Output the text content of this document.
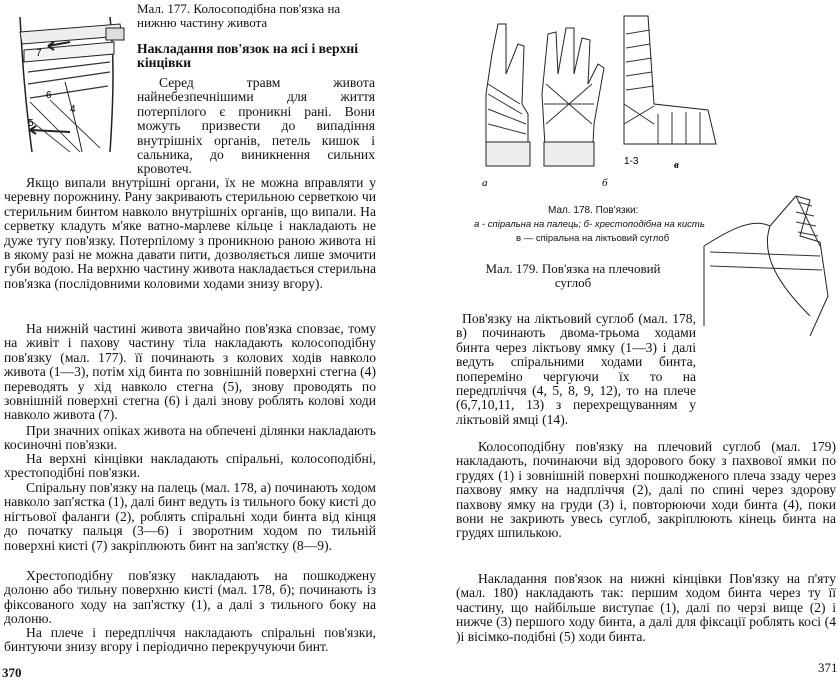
7
6
4
5
Мал. 177. Колосоподібна пов'язка на нижню частину живота
Накладання пов'язок на ясі і верхні кінцівки
Серед травм живота найнебезпечнішими для життя потерпілого є проникні рані. Вони можуть призвести до випадіння внутрішніх органів, петель кишок і сальника, до виникнення сильних кровотеч.
Якщо випали внутрішні органи, їх не можна вправляти у черевну порожнину. Рану закривають стерильною серветкою чи стерильним бинтом навколо внутрішніх органів, що випали. На серветку кладуть м'яке ватно-марлеве кільце і накладають не дуже тугу пов'язку. Потерпілому з проникною раною живота ні в якому разі не можна давати пити, дозволяється лише змочити губи водою. На верхню частину живота накладається стерильна пов'язка (послідовними коловими ходами знизу вгору).
На нижній частині живота звичайно пов'язка сповзає, тому на живіт і пахову частину тіла накладають колосоподібну пов'язку (мал. 177). її починають з колових ходів навколо живота (1—3), потім хід бинта по зовнішній поверхні стегна (4) переводять у хід навколо стегна (5), знову проводять по зовнішній поверхні стегна (6) і далі знову роблять колові ходи навколо живота (7).
При значних опіках живота на обпечені ділянки накладають косиночні пов'язки.
На верхні кінцівки накладають спіральні, колосоподібні, хрестоподібні пов'язки.
Спіральну пов'язку на палець (мал. 178, а) починають ходом навколо зап'ястка (1), далі бинт ведуть із тильного боку кисті до нігтьової фаланги (2), роблять спіральні ходи бинта від кінця до початку пальця (3—6) і зворотним ходом по тильній поверхні кисті (7) закріплюють бинт на зап'ястку (8—9).
Хрестоподібну пов'язку накладають на пошкоджену долоню або тильну поверхню кисті (мал. 178, б); починають із фіксованого ходу на зап'ястку (1), а далі з тильного боку на долоню.
На плече і передпліччя накладають спіральні пов'язки, бинтуючи знизу вгору і періодично перекручуючи бинт.
370
а	б
1-3	в
Мал. 178. Пов'язки:
а - спіральна на палець; б- хрестоподібна на кисть
в — спіральна на ліктьовий суглоб
Мал. 179. Пов'язка на плечовий суглоб
Пов'язку на ліктьовий суглоб (мал. 178, в) починають двома-трьома ходами бинта через ліктьову ямку (1—3) і далі ведуть спіральними ходами бинта, попереміно чергуючи їх то на передпліччя (4, 5, 8, 9, 12), то на плече (6,7,10,11, 13) з перехрещуванням у ліктьовій ямці (14).
Колосоподібну пов'язку на плечовий суглоб (мал. 179) накладають, починаючи від здорового боку з пахвової ямки по грудях (1) і зовнішній поверхні пошкодженого плеча ззаду через пахвову ямку на надпліччя (2), далі по спині через здорову пахвову ямку на груди (3) і, повторюючи ходи бинта (4), поки вони не закриють увесь суглоб, закріплюють кінець бинта на грудях шпилькою.
Накладання пов'язок на нижні кінцівки Пов'язку на п'яту (мал. 180) накладають так: першим ходом бинта через ту її частину, що найбільше виступає (1), далі по черзі вище (2) і нижче (3) першого ходу бинта, а далі для фіксації роблять косі (4 )і вісімко-подібні (5) ходи бинта.
371
